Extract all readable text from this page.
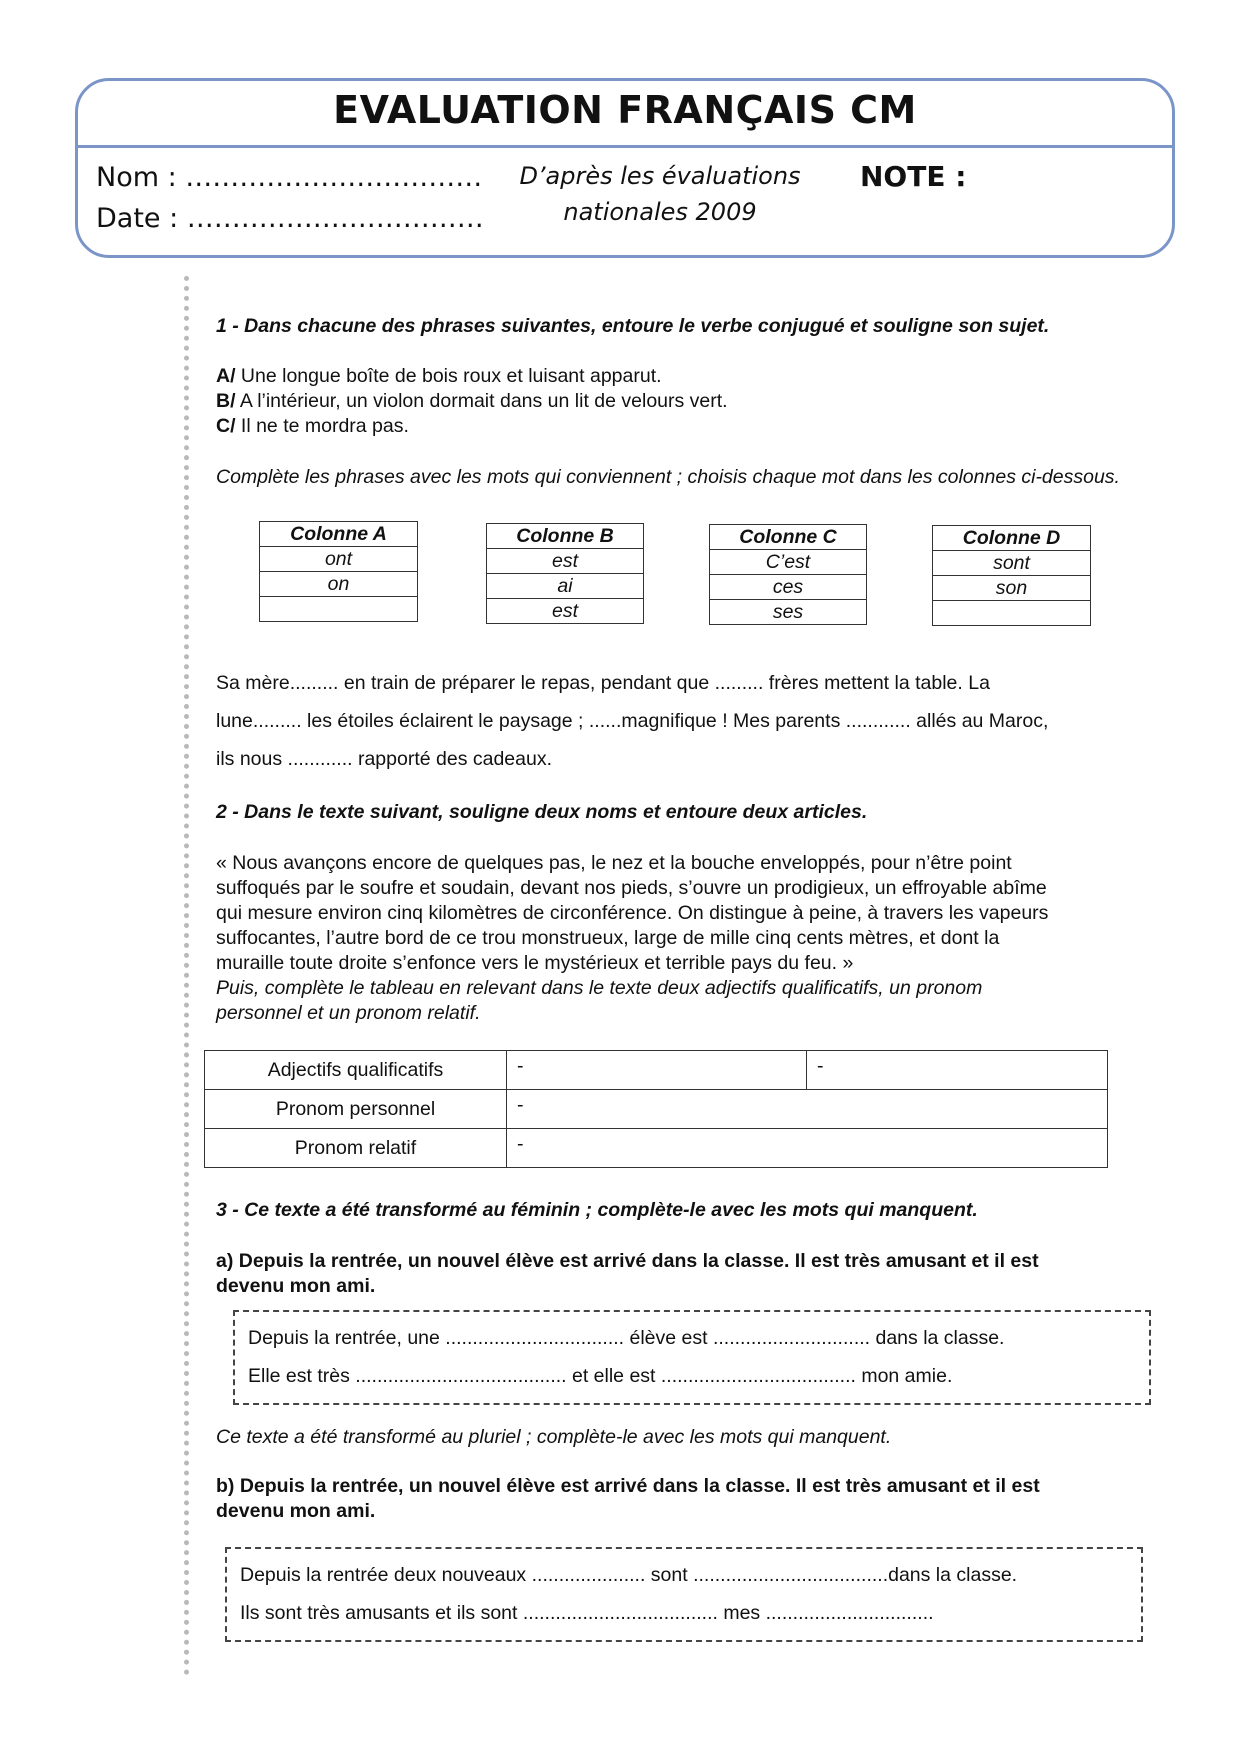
EVALUATION FRANÇAIS CM
Nom : ……………………………
Date : ……………………………
D’après les évaluations
nationales 2009
NOTE :
1 - Dans chacune des phrases suivantes, entoure le verbe conjugué et souligne son sujet.
A/ Une longue boîte de bois roux et luisant apparut.
B/ A l’intérieur, un violon dormait dans un lit de velours vert.
C/ Il ne te mordra pas.
Complète les phrases avec les mots qui conviennent ; choisis chaque mot dans les colonnes ci-dessous.
Colonne A
ont
on

Colonne B
est
ai
est
Colonne C
C’est
ces
ses
Colonne D
sont
son

Sa mère......... en train de préparer le repas, pendant que ......... frères mettent la table. La
lune......... les étoiles éclairent le paysage ; ......magnifique ! Mes parents ............ allés au Maroc,
ils nous ............ rapporté des cadeaux.
2 - Dans le texte suivant, souligne deux noms et entoure deux articles.
« Nous avançons encore de quelques pas, le nez et la bouche enveloppés, pour n’être point
suffoqués par le soufre et soudain, devant nos pieds, s’ouvre un prodigieux, un effroyable abîme
qui mesure environ cinq kilomètres de circonférence. On distingue à peine, à travers les vapeurs
suffocantes, l’autre bord de ce trou monstrueux, large de mille cinq cents mètres, et dont la
muraille toute droite s’enfonce vers le mystérieux et terrible pays du feu. »
Puis, complète le tableau en relevant dans le texte deux adjectifs qualificatifs, un pronom
personnel et un pronom relatif.
Adjectifs qualificatifs	-	-
Pronom personnel	-	
Pronom relatif	-	
3 - Ce texte a été transformé au féminin ; complète-le avec les mots qui manquent.
a) Depuis la rentrée, un nouvel élève est arrivé dans la classe. Il est très amusant et il est
devenu mon ami.
Depuis la rentrée, une ................................. élève est ............................. dans la classe.
Elle est très ....................................... et elle est .................................... mon amie.
Ce texte a été transformé au pluriel ; complète-le avec les mots qui manquent.
b) Depuis la rentrée, un nouvel élève est arrivé dans la classe. Il est très amusant et il est
devenu mon ami.
Depuis la rentrée deux nouveaux ..................... sont ....................................dans la classe.
Ils sont très amusants et ils sont .................................... mes ...............................
